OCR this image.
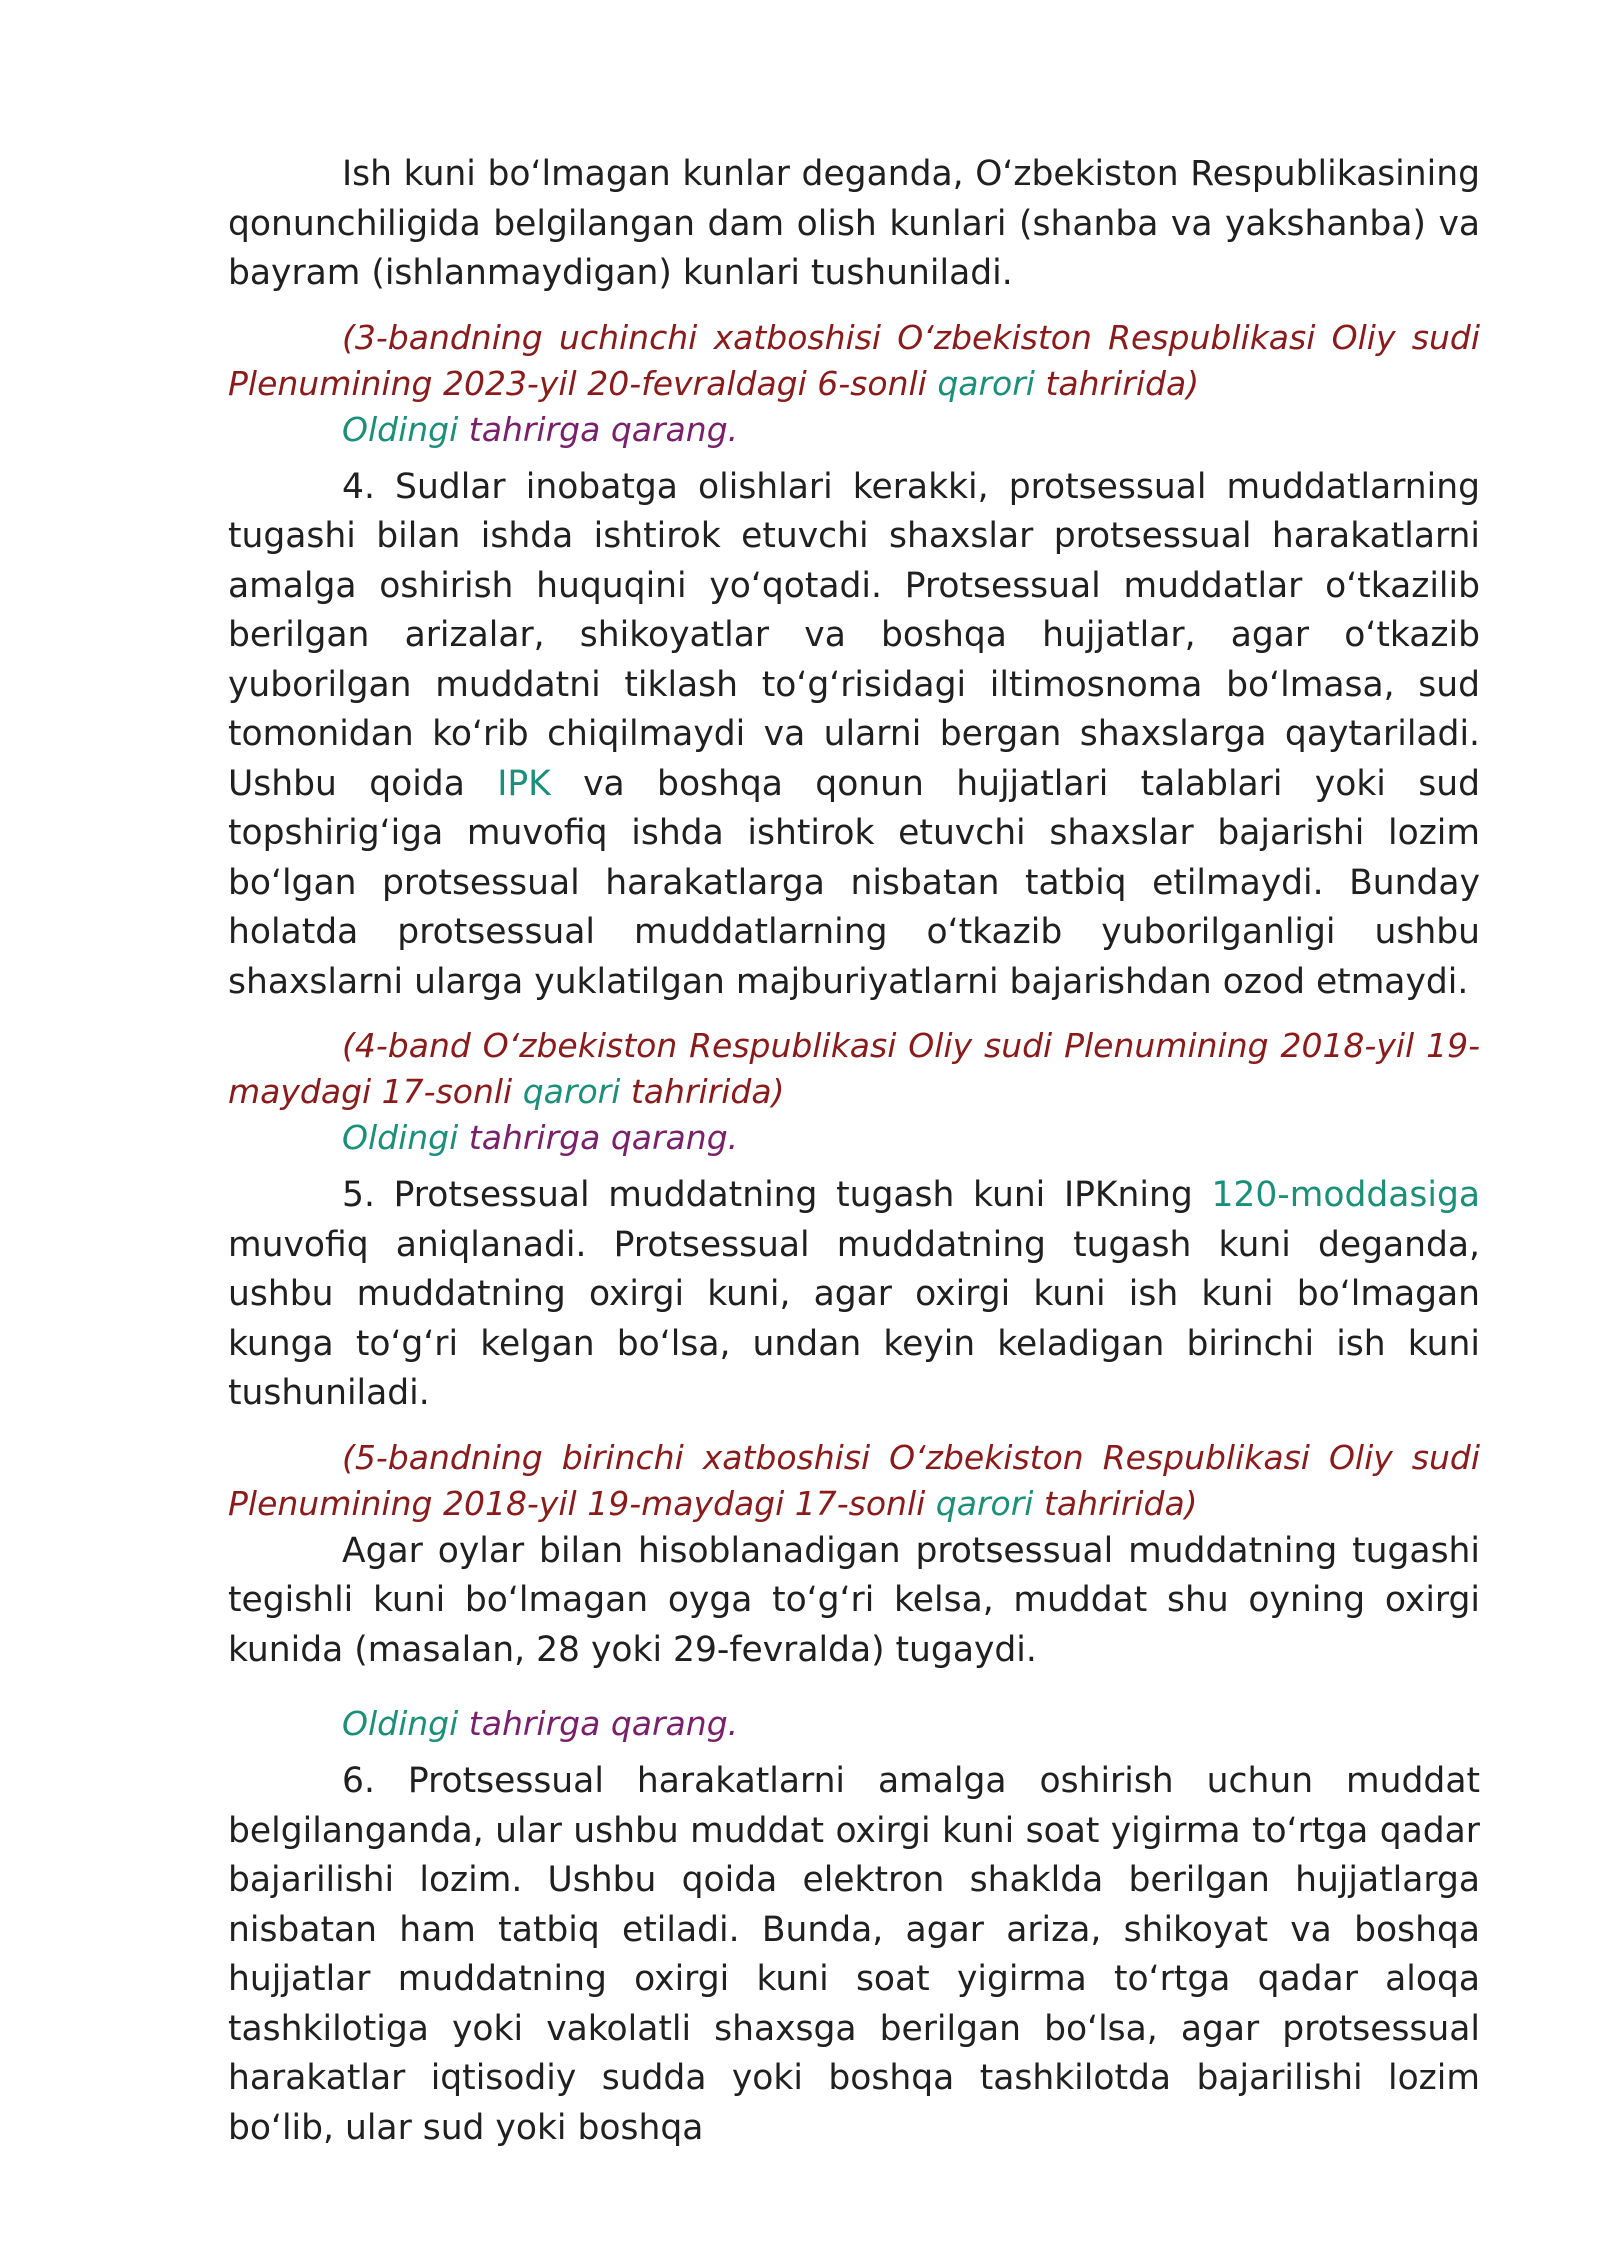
Ish kuni bo‘lmagan kunlar deganda, O‘zbekiston Respublikasining qonunchiligida belgilangan dam olish kunlari (shanba va yakshanba) va bayram (ishlanmaydigan) kunlari tushuniladi.

(3-bandning uchinchi xatboshisi O‘zbekiston Respublikasi Oliy sudi Plenumining 2023-yil 20-fevraldagi 6-sonli qarori tahririda)

Oldingi tahrirga qarang.

4. Sudlar inobatga olishlari kerakki, protsessual muddatlarning tugashi bilan ishda ishtirok etuvchi shaxslar protsessual harakatlarni amalga oshirish huquqini yo‘qotadi. Protsessual muddatlar o‘tkazilib berilgan arizalar, shikoyatlar va boshqa hujjatlar, agar o‘tkazib yuborilgan muddatni tiklash to‘g‘risidagi iltimosnoma bo‘lmasa, sud tomonidan ko‘rib chiqilmaydi va ularni bergan shaxslarga qaytariladi. Ushbu qoida IPK va boshqa qonun hujjatlari talablari yoki sud topshirig‘iga muvofiq ishda ishtirok etuvchi shaxslar bajarishi lozim bo‘lgan protsessual harakatlarga nisbatan tatbiq etilmaydi. Bunday holatda protsessual muddatlarning o‘tkazib yuborilganligi ushbu shaxslarni ularga yuklatilgan majburiyatlarni bajarishdan ozod etmaydi.

(4-band O‘zbekiston Respublikasi Oliy sudi Plenumining 2018-yil 19-maydagi 17-sonli qarori tahririda)

Oldingi tahrirga qarang.

5. Protsessual muddatning tugash kuni IPKning 120-moddasiga muvofiq aniqlanadi. Protsessual muddatning tugash kuni deganda, ushbu muddatning oxirgi kuni, agar oxirgi kuni ish kuni bo‘lmagan kunga to‘g‘ri kelgan bo‘lsa, undan keyin keladigan birinchi ish kuni tushuniladi.

(5-bandning birinchi xatboshisi O‘zbekiston Respublikasi Oliy sudi Plenumining 2018-yil 19-maydagi 17-sonli qarori tahririda)

Agar oylar bilan hisoblanadigan protsessual muddatning tugashi tegishli kuni bo‘lmagan oyga to‘g‘ri kelsa, muddat shu oyning oxirgi kunida (masalan, 28 yoki 29-fevralda) tugaydi.

Oldingi tahrirga qarang.

6. Protsessual harakatlarni amalga oshirish uchun muddat belgilanganda, ular ushbu muddat oxirgi kuni soat yigirma to‘rtga qadar bajarilishi lozim. Ushbu qoida elektron shaklda berilgan hujjatlarga nisbatan ham tatbiq etiladi. Bunda, agar ariza, shikoyat va boshqa hujjatlar muddatning oxirgi kuni soat yigirma to‘rtga qadar aloqa tashkilotiga yoki vakolatli shaxsga berilgan bo‘lsa, agar protsessual harakatlar iqtisodiy sudda yoki boshqa tashkilotda bajarilishi lozim bo‘lib, ular sud yoki boshqa
